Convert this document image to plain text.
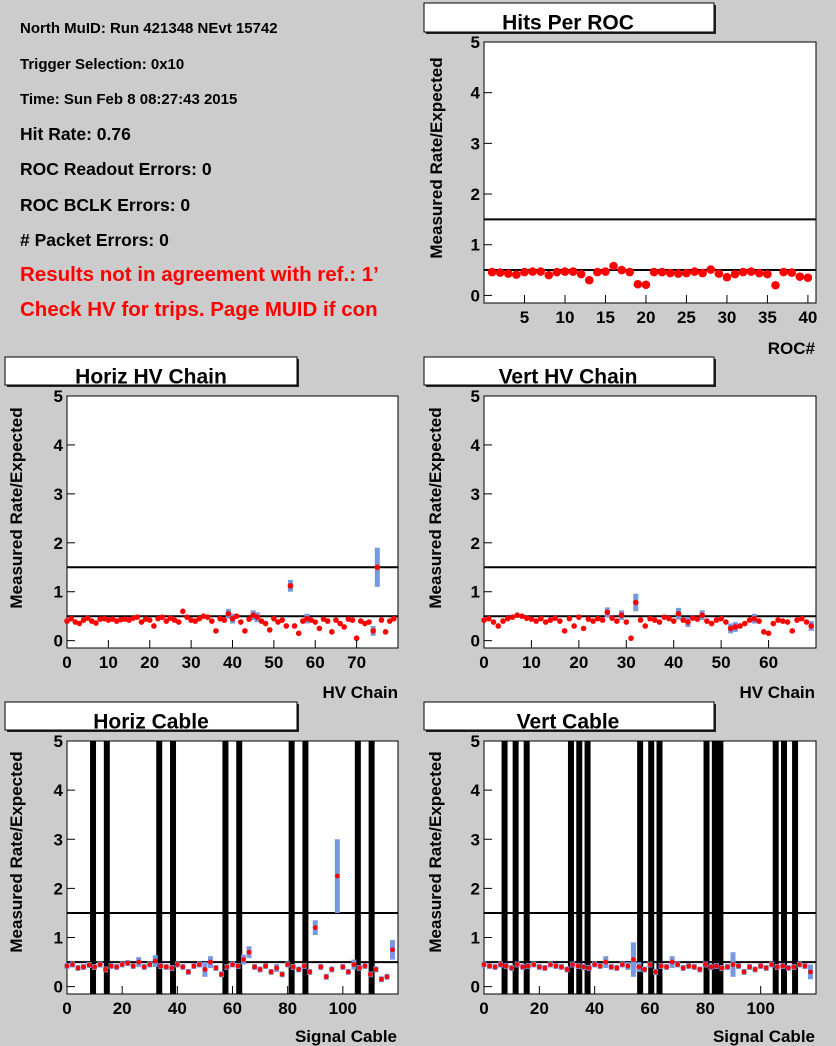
North MuID: Run 421348 NEvt 15742
Trigger Selection: 0x10
Time: Sun Feb 8 08:27:43 2015
Hit Rate: 0.76
ROC Readout Errors: 0
ROC BCLK Errors: 0
# Packet Errors: 0
Results not in agreement with ref.: 1’
Check HV for trips. Page MUID if con
Hits Per ROC
0
1
2
3
4
5
5 10 15 20 25 30 35 40
ROC#
Measured Rate/Expected
Horiz HV Chain
0
1
2
3
4
5
0 10 20 30 40 50 60 70
HV Chain
Measured Rate/Expected
Vert HV Chain
0
1
2
3
4
5
0 10 20 30 40 50 60
HV Chain
Measured Rate/Expected
Horiz Cable
0
1
2
3
4
5
0 20 40 60 80 100
Signal Cable
Measured Rate/Expected
Vert Cable
0
1
2
3
4
5
0 20 40 60 80 100
Signal Cable
Measured Rate/Expected
